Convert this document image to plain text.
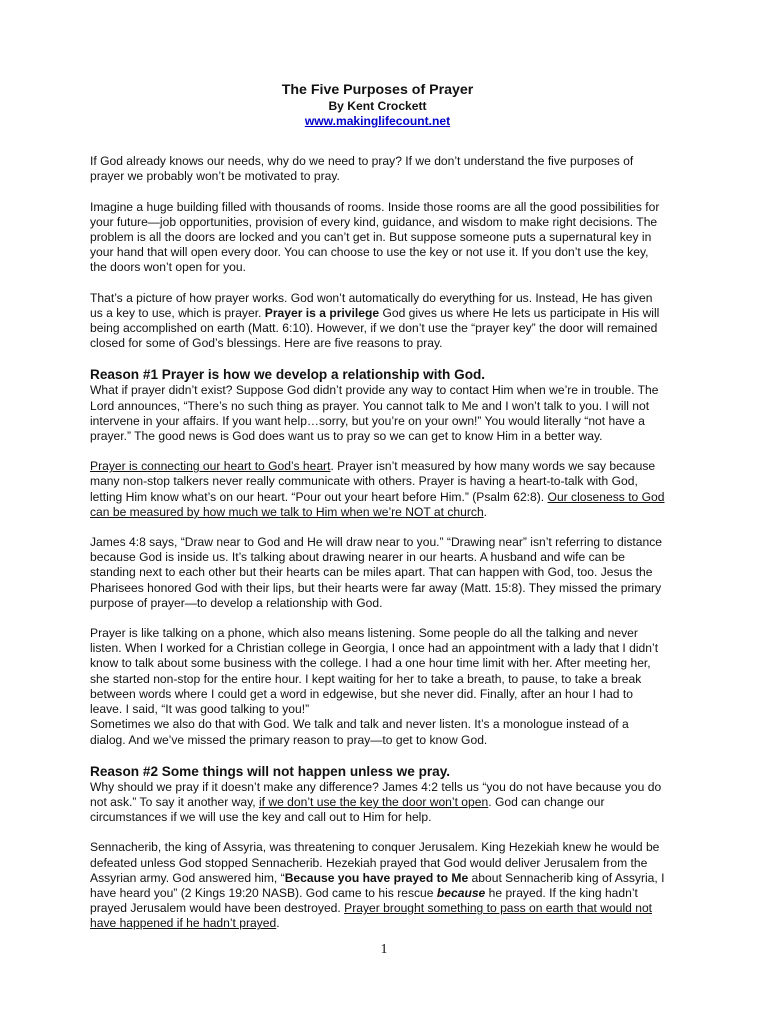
The Five Purposes of Prayer
By Kent Crockett
www.makinglifecount.net

If God already knows our needs, why do we need to pray? If we don’t understand the five purposes of prayer we probably won’t be motivated to pray.

Imagine a huge building filled with thousands of rooms. Inside those rooms are all the good possibilities for your future—job opportunities, provision of every kind, guidance, and wisdom to make right decisions. The problem is all the doors are locked and you can’t get in. But suppose someone puts a supernatural key in your hand that will open every door. You can choose to use the key or not use it. If you don’t use the key, the doors won’t open for you.

That’s a picture of how prayer works. God won’t automatically do everything for us. Instead, He has given us a key to use, which is prayer. Prayer is a privilege God gives us where He lets us participate in His will being accomplished on earth (Matt. 6:10). However, if we don’t use the “prayer key” the door will remained closed for some of God’s blessings. Here are five reasons to pray.

Reason #1 Prayer is how we develop a relationship with God.

What if prayer didn’t exist? Suppose God didn’t provide any way to contact Him when we’re in trouble. The Lord announces, “There’s no such thing as prayer. You cannot talk to Me and I won’t talk to you. I will not intervene in your affairs. If you want help…sorry, but you’re on your own!” You would literally “not have a prayer.” The good news is God does want us to pray so we can get to know Him in a better way.

Prayer is connecting our heart to God’s heart. Prayer isn’t measured by how many words we say because many non-stop talkers never really communicate with others. Prayer is having a heart-to-talk with God, letting Him know what’s on our heart. “Pour out your heart before Him.” (Psalm 62:8). Our closeness to God can be measured by how much we talk to Him when we’re NOT at church.

James 4:8 says, “Draw near to God and He will draw near to you.” “Drawing near” isn’t referring to distance because God is inside us. It’s talking about drawing nearer in our hearts. A husband and wife can be standing next to each other but their hearts can be miles apart. That can happen with God, too. Jesus the Pharisees honored God with their lips, but their hearts were far away (Matt. 15:8). They missed the primary purpose of prayer—to develop a relationship with God.

Prayer is like talking on a phone, which also means listening. Some people do all the talking and never listen. When I worked for a Christian college in Georgia, I once had an appointment with a lady that I didn’t know to talk about some business with the college. I had a one hour time limit with her. After meeting her, she started non-stop for the entire hour. I kept waiting for her to take a breath, to pause, to take a break between words where I could get a word in edgewise, but she never did. Finally, after an hour I had to leave. I said, “It was good talking to you!”

Sometimes we also do that with God. We talk and talk and never listen. It’s a monologue instead of a dialog. And we’ve missed the primary reason to pray—to get to know God.

Reason #2 Some things will not happen unless we pray.

Why should we pray if it doesn’t make any difference? James 4:2 tells us “you do not have because you do not ask.” To say it another way, if we don’t use the key the door won’t open. God can change our circumstances if we will use the key and call out to Him for help.

Sennacherib, the king of Assyria, was threatening to conquer Jerusalem. King Hezekiah knew he would be defeated unless God stopped Sennacherib. Hezekiah prayed that God would deliver Jerusalem from the Assyrian army. God answered him, “Because you have prayed to Me about Sennacherib king of Assyria, I have heard you” (2 Kings 19:20 NASB). God came to his rescue because he prayed. If the king hadn’t prayed Jerusalem would have been destroyed. Prayer brought something to pass on earth that would not have happened if he hadn’t prayed.

1
